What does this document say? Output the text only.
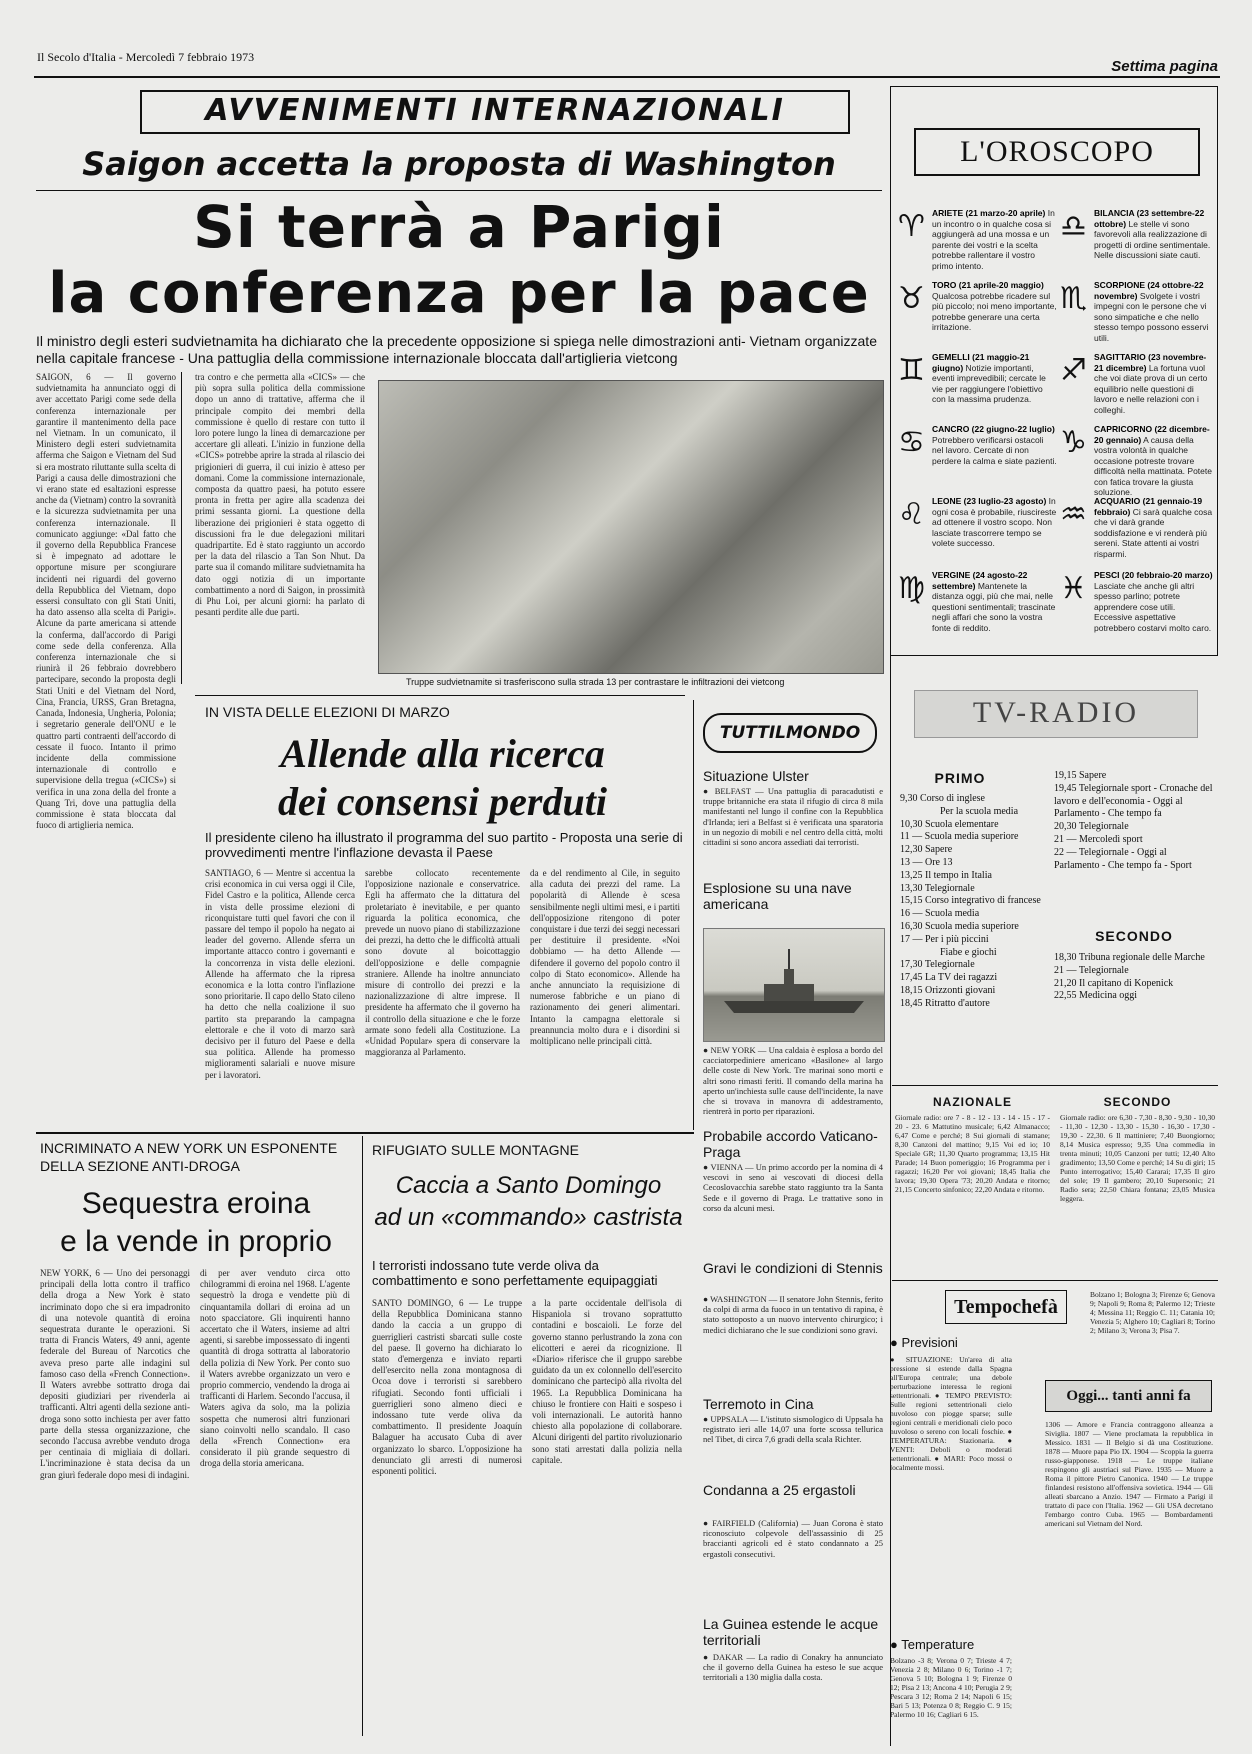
Il Secolo d'Italia - Mercoledì 7 febbraio 1973
Settima pagina
AVVENIMENTI INTERNAZIONALI
Saigon accetta la proposta di Washington
Si terrà a Parigi
la conferenza per la pace
Il ministro degli esteri sudvietnamita ha dichiarato che la precedente opposizione si spiega nelle dimostrazioni anti- Vietnam organizzate nella capitale francese - Una pattuglia della commissione internazionale bloccata dall'artiglieria vietcong
SAIGON, 6 — Il governo sudvietnamita ha annunciato oggi di aver accettato Parigi come sede della conferenza internazionale per garantire il mantenimento della pace nel Vietnam. In un comunicato, il Ministero degli esteri sudvietnamita afferma che Saigon e Vietnam del Sud si era mostrato riluttante sulla scelta di Parigi a causa delle dimostrazioni che vi erano state ed esaltazioni espresse anche da (Vietnam) contro la sovranità e la sicurezza sudvietnamita per una conferenza internazionale. Il comunicato aggiunge: «Dal fatto che il governo della Repubblica Francese si è impegnato ad adottare le opportune misure per scongiurare incidenti nei riguardi del governo della Repubblica del Vietnam, dopo essersi consultato con gli Stati Uniti, ha dato assenso alla scelta di Parigi». Alcune da parte americana si attende la conferma, dall'accordo di Parigi come sede della conferenza. Alla conferenza internazionale che si riunirà il 26 febbraio dovrebbero partecipare, secondo la proposta degli Stati Uniti e del Vietnam del Nord, Cina, Francia, URSS, Gran Bretagna, Canada, Indonesia, Ungheria, Polonia; i segretario generale dell'ONU e le quattro parti contraenti dell'accordo di cessate il fuoco. Intanto il primo incidente della commissione internazionale di controllo e supervisione della tregua («CICS») si verifica in una zona della del fronte a Quang Tri, dove una pattuglia della commissione è stata bloccata dal fuoco di artiglieria nemica.
tra contro e che permetta alla «CICS» — che più sopra sulla politica della commissione dopo un anno di trattative, afferma che il principale compito dei membri della commissione è quello di restare con tutto il loro potere lungo la linea di demarcazione per accertare gli alleati. L'inizio in funzione della «CICS» potrebbe aprire la strada al rilascio dei prigionieri di guerra, il cui inizio è atteso per domani. Come la commissione internazionale, composta da quattro paesi, ha potuto essere pronta in fretta per agire alla scadenza dei primi sessanta giorni. La questione della liberazione dei prigionieri è stata oggetto di discussioni fra le due delegazioni militari quadripartite. Ed è stato raggiunto un accordo per la data del rilascio a Tan Son Nhut. Da parte sua il comando militare sudvietnamita ha dato oggi notizia di un importante combattimento a nord di Saigon, in prossimità di Phu Loi, per alcuni giorni: ha parlato di pesanti perdite alle due parti.
Truppe sudvietnamite si trasferiscono sulla strada 13 per contrastare le infiltrazioni dei vietcong
IN VISTA DELLE ELEZIONI DI MARZO
Allende alla ricerca
dei consensi perduti
Il presidente cileno ha illustrato il programma del suo partito - Proposta una serie di provvedimenti mentre l'inflazione devasta il Paese
SANTIAGO, 6 — Mentre si accentua la crisi economica in cui versa oggi il Cile, Fidel Castro e la politica, Allende cerca in vista delle prossime elezioni di riconquistare tutti quel favori che con il passare del tempo il popolo ha negato ai leader del governo. Allende sferra un importante attacco contro i governanti e la concorrenza in vista delle elezioni. Allende ha affermato che la ripresa economica e la lotta contro l'inflazione sono prioritarie. Il capo dello Stato cileno ha detto che nella coalizione il suo partito sta preparando la campagna elettorale e che il voto di marzo sarà decisivo per il futuro del Paese e della sua politica. Allende ha promesso miglioramenti salariali e nuove misure per i lavoratori.
sarebbe collocato recentemente l'opposizione nazionale e conservatrice. Egli ha affermato che la dittatura del proletariato è inevitabile, e per quanto riguarda la politica economica, che prevede un nuovo piano di stabilizzazione dei prezzi, ha detto che le difficoltà attuali sono dovute al boicottaggio dell'opposizione e delle compagnie straniere. Allende ha inoltre annunciato misure di controllo dei prezzi e la nazionalizzazione di altre imprese. Il presidente ha affermato che il governo ha il controllo della situazione e che le forze armate sono fedeli alla Costituzione. La «Unidad Popular» spera di conservare la maggioranza al Parlamento.
da e del rendimento al Cile, in seguito alla caduta dei prezzi del rame. La popolarità di Allende è scesa sensibilmente negli ultimi mesi, e i partiti dell'opposizione ritengono di poter conquistare i due terzi dei seggi necessari per destituire il presidente. «Noi dobbiamo — ha detto Allende — difendere il governo del popolo contro il colpo di Stato economico». Allende ha anche annunciato la requisizione di numerose fabbriche e un piano di razionamento dei generi alimentari. Intanto la campagna elettorale si preannuncia molto dura e i disordini si moltiplicano nelle principali città.
TUTTILMONDO
Situazione Ulster
● BELFAST — Una pattuglia di paracadutisti e truppe britanniche era stata il rifugio di circa 8 mila manifestanti nel lungo il confine con la Repubblica d'Irlanda; ieri a Belfast si è verificata una sparatoria in un negozio di mobili e nel centro della città, molti cittadini si sono ancora assediati dai terroristi.
Esplosione su una nave americana
● NEW YORK — Una caldaia è esplosa a bordo del cacciatorpediniere americano «Basilone» al largo delle coste di New York. Tre marinai sono morti e altri sono rimasti feriti. Il comando della marina ha aperto un'inchiesta sulle cause dell'incidente, la nave che si trovava in manovra di addestramento, rientrerà in porto per riparazioni.
Probabile accordo Vaticano-Praga
● VIENNA — Un primo accordo per la nomina di 4 vescovi in seno ai vescovati di diocesi della Cecoslovacchia sarebbe stato raggiunto tra la Santa Sede e il governo di Praga. Le trattative sono in corso da alcuni mesi.
Gravi le condizioni di Stennis
● WASHINGTON — Il senatore John Stennis, ferito da colpi di arma da fuoco in un tentativo di rapina, è stato sottoposto a un nuovo intervento chirurgico; i medici dichiarano che le sue condizioni sono gravi.
Terremoto in Cina
● UPPSALA — L'istituto sismologico di Uppsala ha registrato ieri alle 14,07 una forte scossa tellurica nel Tibet, di circa 7,6 gradi della scala Richter.
Condanna a 25 ergastoli
● FAIRFIELD (California) — Juan Corona è stato riconosciuto colpevole dell'assassinio di 25 braccianti agricoli ed è stato condannato a 25 ergastoli consecutivi.
La Guinea estende le acque territoriali
● DAKAR — La radio di Conakry ha annunciato che il governo della Guinea ha esteso le sue acque territoriali a 130 miglia dalla costa.
INCRIMINATO A NEW YORK UN ESPONENTE
DELLA SEZIONE ANTI-DROGA
Sequestra eroina
e la vende in proprio
NEW YORK, 6 — Uno dei personaggi principali della lotta contro il traffico della droga a New York è stato incriminato dopo che si era impadronito di una notevole quantità di eroina sequestrata durante le operazioni. Si tratta di Francis Waters, 49 anni, agente federale del Bureau of Narcotics che aveva preso parte alle indagini sul famoso caso della «French Connection». Il Waters avrebbe sottratto droga dai depositi giudiziari per rivenderla ai trafficanti. Altri agenti della sezione anti-droga sono sotto inchiesta per aver fatto parte della stessa organizzazione, che secondo l'accusa avrebbe venduto droga per centinaia di migliaia di dollari. L'incriminazione è stata decisa da un gran giurì federale dopo mesi di indagini.
di per aver venduto circa otto chilogrammi di eroina nel 1968. L'agente sequestrò la droga e vendette più di cinquantamila dollari di eroina ad un noto spacciatore. Gli inquirenti hanno accertato che il Waters, insieme ad altri agenti, si sarebbe impossessato di ingenti quantità di droga sottratta al laboratorio della polizia di New York. Per conto suo il Waters avrebbe organizzato un vero e proprio commercio, vendendo la droga ai trafficanti di Harlem. Secondo l'accusa, il Waters agiva da solo, ma la polizia sospetta che numerosi altri funzionari siano coinvolti nello scandalo. Il caso della «French Connection» era considerato il più grande sequestro di droga della storia americana.
RIFUGIATO SULLE MONTAGNE
Caccia a Santo Domingo
ad un «commando» castrista
I terroristi indossano tute verde oliva da combattimento e sono perfettamente equipaggiati
SANTO DOMINGO, 6 — Le truppe della Repubblica Dominicana stanno dando la caccia a un gruppo di guerriglieri castristi sbarcati sulle coste del paese. Il governo ha dichiarato lo stato d'emergenza e inviato reparti dell'esercito nella zona montagnosa di Ocoa dove i terroristi si sarebbero rifugiati. Secondo fonti ufficiali i guerriglieri sono almeno dieci e indossano tute verde oliva da combattimento. Il presidente Joaquín Balaguer ha accusato Cuba di aver organizzato lo sbarco. L'opposizione ha denunciato gli arresti di numerosi esponenti politici.
a la parte occidentale dell'isola di Hispaniola si trovano soprattutto contadini e boscaioli. Le forze del governo stanno perlustrando la zona con elicotteri e aerei da ricognizione. Il «Diario» riferisce che il gruppo sarebbe guidato da un ex colonnello dell'esercito dominicano che partecipò alla rivolta del 1965. La Repubblica Dominicana ha chiuso le frontiere con Haiti e sospeso i voli internazionali. Le autorità hanno chiesto alla popolazione di collaborare. Alcuni dirigenti del partito rivoluzionario sono stati arrestati dalla polizia nella capitale.
L'OROSCOPO
♈ ARIETE (21 marzo-20 aprile) In un incontro o in qualche cosa si aggiungerà ad una mossa e un parente dei vostri e la scelta potrebbe rallentare il vostro primo intento.
♎ BILANCIA (23 settembre-22 ottobre) Le stelle vi sono favorevoli alla realizzazione di progetti di ordine sentimentale. Nelle discussioni siate cauti.
♉ TORO (21 aprile-20 maggio) Qualcosa potrebbe ricadere sul più piccolo; noi meno importante, potrebbe generare una certa irritazione.
♏ SCORPIONE (24 ottobre-22 novembre) Svolgete i vostri impegni con le persone che vi sono simpatiche e che nello stesso tempo possono esservi utili.
♊ GEMELLI (21 maggio-21 giugno) Notizie importanti, eventi imprevedibili; cercate le vie per raggiungere l'obiettivo con la massima prudenza.
♐ SAGITTARIO (23 novembre-21 dicembre) La fortuna vuol che voi diate prova di un certo equilibrio nelle questioni di lavoro e nelle relazioni con i colleghi.
♋ CANCRO (22 giugno-22 luglio) Potrebbero verificarsi ostacoli nel lavoro. Cercate di non perdere la calma e siate pazienti.
♑ CAPRICORNO (22 dicembre-20 gennaio) A causa della vostra volontà in qualche occasione potreste trovare difficoltà nella mattinata. Potete con fatica trovare la giusta soluzione.
♌ LEONE (23 luglio-23 agosto) In ogni cosa è probabile, riuscireste ad ottenere il vostro scopo. Non lasciate trascorrere tempo se volete successo.
♒ ACQUARIO (21 gennaio-19 febbraio) Ci sarà qualche cosa che vi darà grande soddisfazione e vi renderà più sereni. State attenti ai vostri risparmi.
♍ VERGINE (24 agosto-22 settembre) Mantenete la distanza oggi, più che mai, nelle questioni sentimentali; trascinate negli affari che sono la vostra fonte di reddito.
♓ PESCI (20 febbraio-20 marzo) Lasciate che anche gli altri spesso parlino; potrete apprendere cose utili. Eccessive aspettative potrebbero costarvi molto caro.
TV-RADIO
PRIMO
9,30 Corso di inglese
Per la scuola media
10,30 Scuola elementare
11 — Scuola media superiore
12,30 Sapere
13 — Ore 13
13,25 Il tempo in Italia
13,30 Telegiornale
15,15 Corso integrativo di francese
16 — Scuola media
16,30 Scuola media superiore
17 — Per i più piccini
Fiabe e giochi
17,30 Telegiornale
17,45 La TV dei ragazzi
18,15 Orizzonti giovani
18,45 Ritratto d'autore
19,15 Sapere
19,45 Telegiornale sport - Cronache del lavoro e dell'economia - Oggi al Parlamento - Che tempo fa
20,30 Telegiornale
21 — Mercoledì sport
22 — Telegiornale - Oggi al Parlamento - Che tempo fa - Sport
SECONDO
18,30 Tribuna regionale delle Marche
21 — Telegiornale
21,20 Il capitano di Kopenick
22,55 Medicina oggi
NAZIONALE
Giornale radio: ore 7 - 8 - 12 - 13 - 14 - 15 - 17 - 20 - 23. 6 Mattutino musicale; 6,42 Almanacco; 6,47 Come e perché; 8 Sui giornali di stamane; 8,30 Canzoni del mattino; 9,15 Voi ed io; 10 Speciale GR; 11,30 Quarto programma; 13,15 Hit Parade; 14 Buon pomeriggio; 16 Programma per i ragazzi; 16,20 Per voi giovani; 18,45 Italia che lavora; 19,30 Opera '73; 20,20 Andata e ritorno; 21,15 Concerto sinfonico; 22,20 Andata e ritorno.
SECONDO
Giornale radio: ore 6,30 - 7,30 - 8,30 - 9,30 - 10,30 - 11,30 - 12,30 - 13,30 - 15,30 - 16,30 - 17,30 - 19,30 - 22,30. 6 Il mattiniere; 7,40 Buongiorno; 8,14 Musica espresso; 9,35 Una commedia in trenta minuti; 10,05 Canzoni per tutti; 12,40 Alto gradimento; 13,50 Come e perché; 14 Su di giri; 15 Punto interrogativo; 15,40 Cararai; 17,35 Il giro del sole; 19 Il gambero; 20,10 Supersonic; 21 Radio sera; 22,50 Chiara fontana; 23,05 Musica leggera.
Tempochefà
Bolzano 1; Bologna 3; Firenze 6; Genova 9; Napoli 9; Roma 8; Palermo 12; Trieste 4; Messina 11; Reggio C. 11; Catania 10; Venezia 5; Alghero 10; Cagliari 8; Torino 2; Milano 3; Verona 3; Pisa 7.
● Previsioni
● SITUAZIONE: Un'area di alta pressione si estende dalla Spagna all'Europa centrale; una debole perturbazione interessa le regioni settentrionali. ● TEMPO PREVISTO: Sulle regioni settentrionali cielo nuvoloso con piogge sparse; sulle regioni centrali e meridionali cielo poco nuvoloso o sereno con locali foschie. ● TEMPERATURA: Stazionaria. ● VENTI: Deboli o moderati settentrionali. ● MARI: Poco mossi o localmente mossi.
● Temperature
Bolzano -3 8; Verona 0 7; Trieste 4 7; Venezia 2 8; Milano 0 6; Torino -1 7; Genova 5 10; Bologna 1 9; Firenze 0 12; Pisa 2 13; Ancona 4 10; Perugia 2 9; Pescara 3 12; Roma 2 14; Napoli 6 15; Bari 5 13; Potenza 0 8; Reggio C. 9 15; Palermo 10 16; Cagliari 6 15.
Oggi... tanti anni fa
1306 — Amore e Francia contraggono alleanza a Siviglia. 1807 — Viene proclamata la repubblica in Messico. 1831 — Il Belgio si dà una Costituzione. 1878 — Muore papa Pio IX. 1904 — Scoppia la guerra russo-giapponese. 1918 — Le truppe italiane respingono gli austriaci sul Piave. 1935 — Muore a Roma il pittore Pietro Canonica. 1940 — Le truppe finlandesi resistono all'offensiva sovietica. 1944 — Gli alleati sbarcano a Anzio. 1947 — Firmato a Parigi il trattato di pace con l'Italia. 1962 — Gli USA decretano l'embargo contro Cuba. 1965 — Bombardamenti americani sul Vietnam del Nord.
